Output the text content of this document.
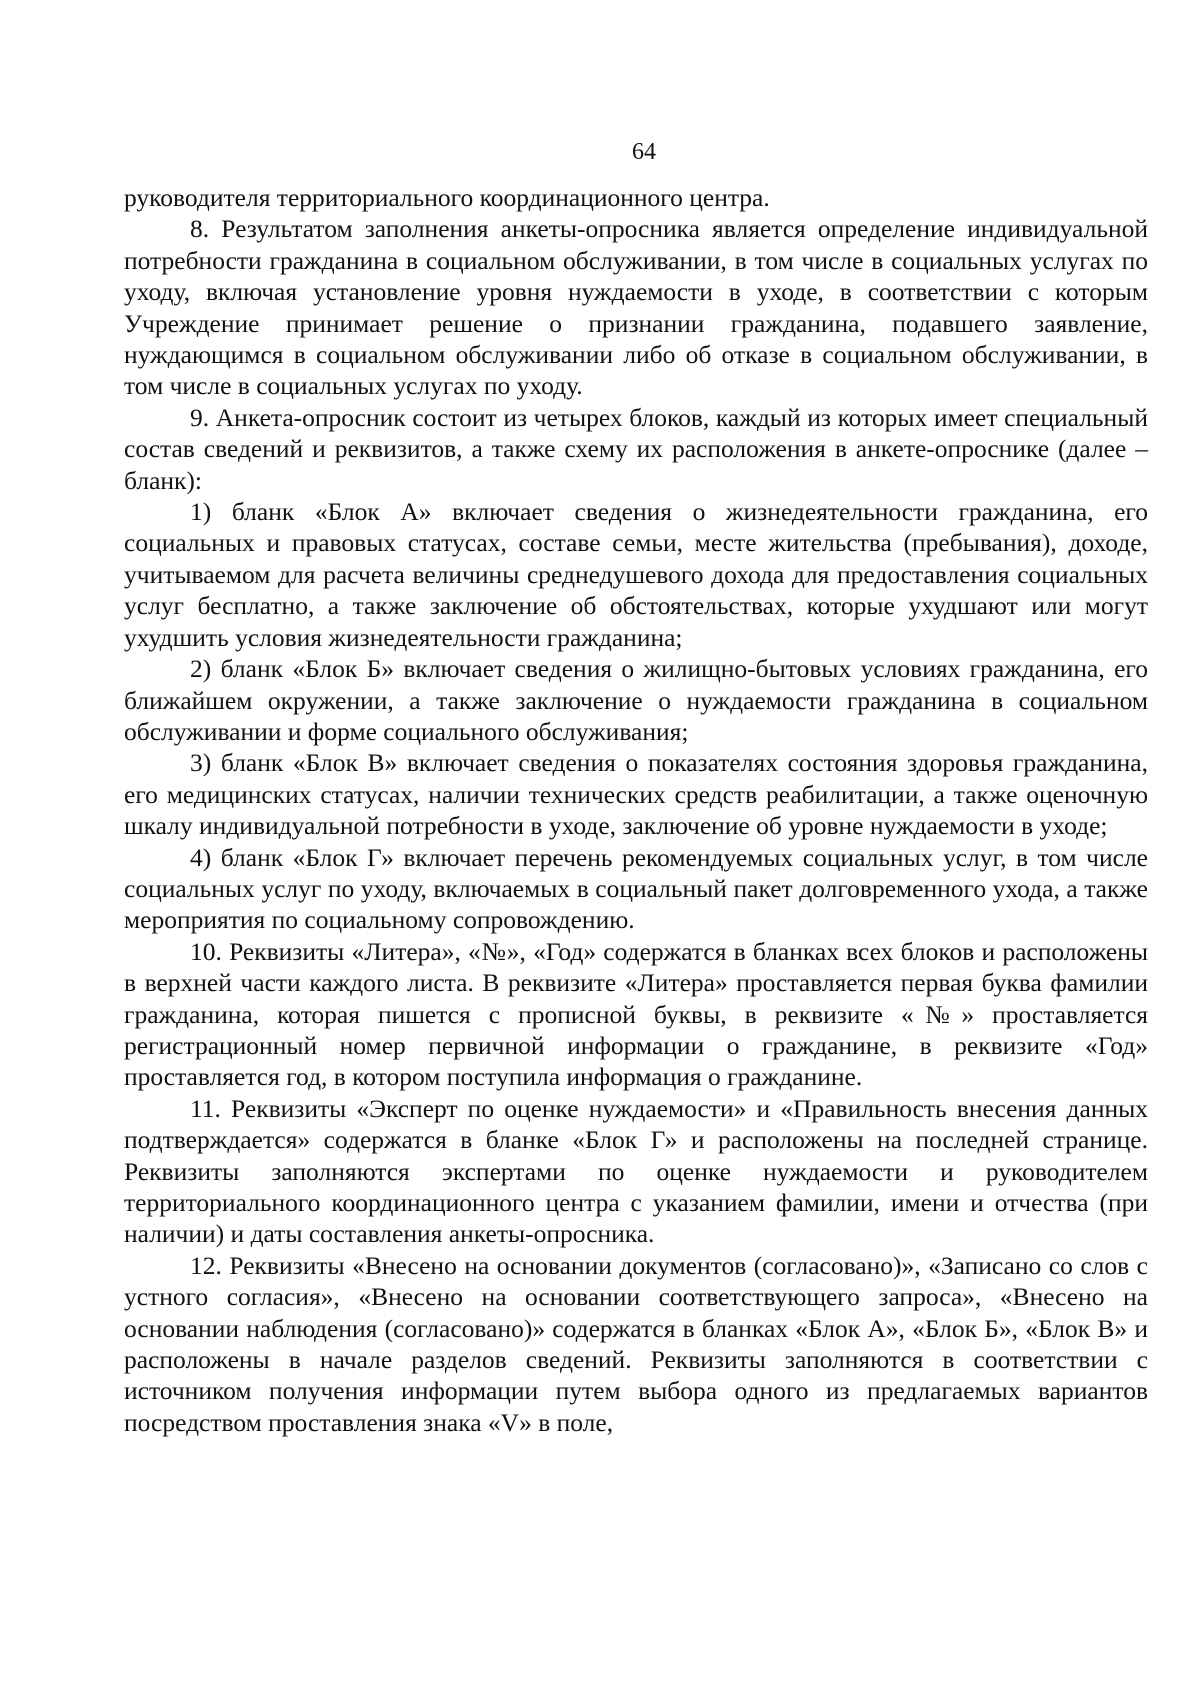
64

руководителя территориального координационного центра.

8. Результатом заполнения анкеты-опросника является определение индивидуальной потребности гражданина в социальном обслуживании, в том числе в социальных услугах по уходу, включая установление уровня нуждаемости в уходе, в соответствии с которым Учреждение принимает решение о признании гражданина, подавшего заявление, нуждающимся в социальном обслуживании либо об отказе в социальном обслуживании, в том числе в социальных услугах по уходу.

9. Анкета-опросник состоит из четырех блоков, каждый из которых имеет специальный состав сведений и реквизитов, а также схему их расположения в анкете-опроснике (далее – бланк):

1) бланк «Блок А» включает сведения о жизнедеятельности гражданина, его социальных и правовых статусах, составе семьи, месте жительства (пребывания), доходе, учитываемом для расчета величины среднедушевого дохода для предоставления социальных услуг бесплатно, а также заключение об обстоятельствах, которые ухудшают или могут ухудшить условия жизнедеятельности гражданина;

2) бланк «Блок Б» включает сведения о жилищно-бытовых условиях гражданина, его ближайшем окружении, а также заключение о нуждаемости гражданина в социальном обслуживании и форме социального обслуживания;

3) бланк «Блок В» включает сведения о показателях состояния здоровья гражданина, его медицинских статусах, наличии технических средств реабилитации, а также оценочную шкалу индивидуальной потребности в уходе, заключение об уровне нуждаемости в уходе;

4) бланк «Блок Г» включает перечень рекомендуемых социальных услуг, в том числе социальных услуг по уходу, включаемых в социальный пакет долговременного ухода, а также мероприятия по социальному сопровождению.

10. Реквизиты «Литера», «№», «Год» содержатся в бланках всех блоков и расположены в верхней части каждого листа. В реквизите «Литера» проставляется первая буква фамилии гражданина, которая пишется с прописной буквы, в реквизите «№» проставляется регистрационный номер первичной информации о гражданине, в реквизите «Год» проставляется год, в котором поступила информация о гражданине.

11. Реквизиты «Эксперт по оценке нуждаемости» и «Правильность внесения данных подтверждается» содержатся в бланке «Блок Г» и расположены на последней странице. Реквизиты заполняются экспертами по оценке нуждаемости и руководителем территориального координационного центра с указанием фамилии, имени и отчества (при наличии) и даты составления анкеты-опросника.

12. Реквизиты «Внесено на основании документов (согласовано)», «Записано со слов с устного согласия», «Внесено на основании соответствующего запроса», «Внесено на основании наблюдения (согласовано)» содержатся в бланках «Блок А», «Блок Б», «Блок В» и расположены в начале разделов сведений. Реквизиты заполняются в соответствии с источником получения информации путем выбора одного из предлагаемых вариантов посредством проставления знака «V» в поле,
